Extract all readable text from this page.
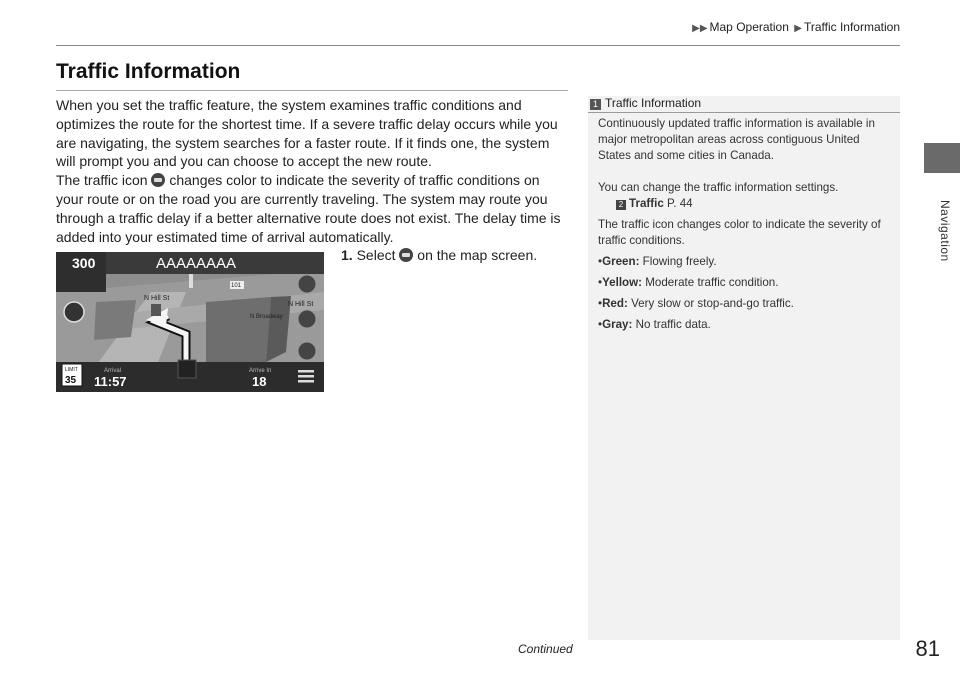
▶▶ Map Operation ▶ Traffic Information
Navigation
Traffic Information

When you set the traffic feature, the system examines traffic conditions and optimizes the route for the shortest time. If a severe traffic delay occurs while you are navigating, the system searches for a faster route. If it finds one, the system will prompt you and you can choose to accept the new route.

The traffic icon changes color to indicate the severity of traffic conditions on your route or on the road you are currently traveling. The system may route you through a traffic delay if a better alternative route does not exist. The delay time is added into your estimated time of arrival automatically.

300	AAAAAAAA
N Hill St
N Hill St
N Broadway
101
LIMIT
35
Arrival
11:57
Arrive In
18
1. Select on the map screen.
1 Traffic Information

Continuously updated traffic information is available in major metropolitan areas across contiguous United States and some cities in Canada.

You can change the traffic information settings.

2 Traffic P. 44

The traffic icon changes color to indicate the severity of traffic conditions.

•Green: Flowing freely.
•Yellow: Moderate traffic condition.
•Red: Very slow or stop-and-go traffic.
•Gray: No traffic data.
Continued	81
